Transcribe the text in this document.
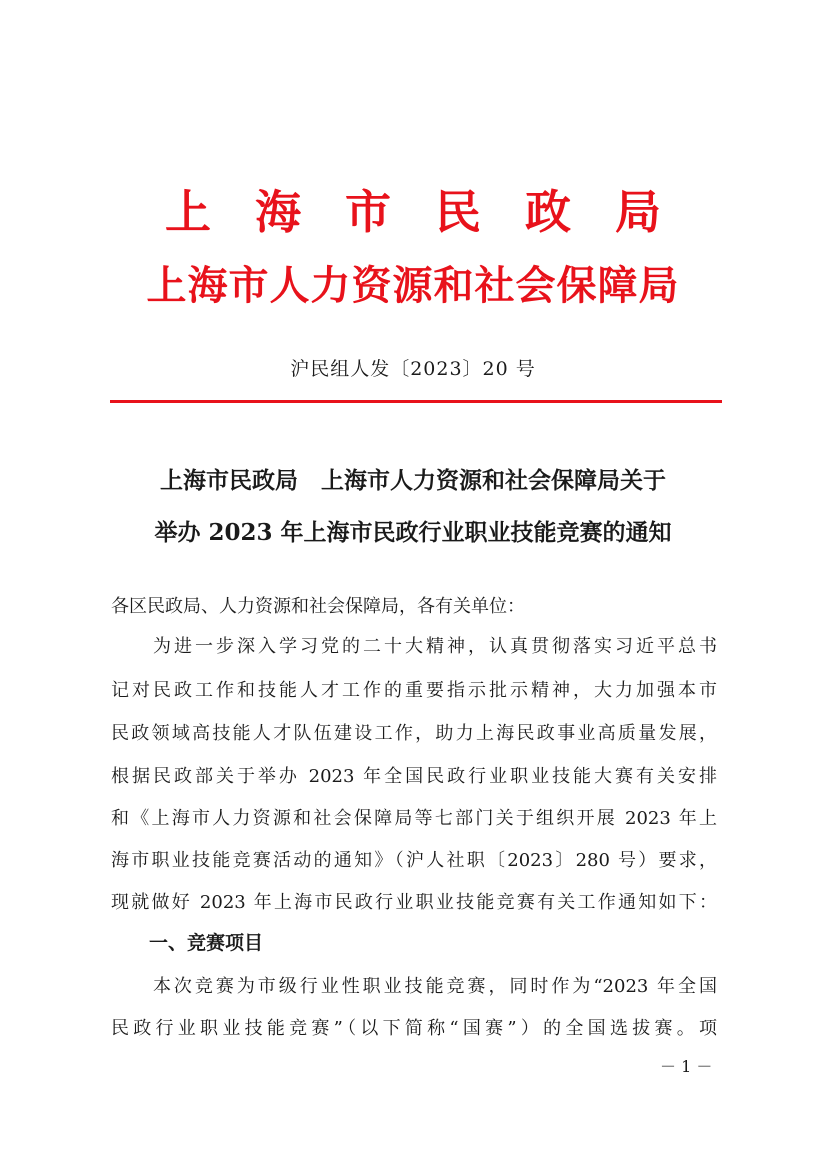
上海市民政局
上海市人力资源和社会保障局
沪民组人发〔2023〕20 号
上海市民政局　上海市人力资源和社会保障局关于
举办 2023 年上海市民政行业职业技能竞赛的通知
各区民政局、人力资源和社会保障局，各有关单位：
　　为进一步深入学习党的二十大精神，认真贯彻落实习近平总书
记对民政工作和技能人才工作的重要指示批示精神，大力加强本市
民政领域高技能人才队伍建设工作，助力上海民政事业高质量发展，
根据民政部关于举办 2023 年全国民政行业职业技能大赛有关安排
和《上海市人力资源和社会保障局等七部门关于组织开展 2023 年上
海市职业技能竞赛活动的通知》（沪人社职〔2023〕280 号）要求，
现就做好 2023 年上海市民政行业职业技能竞赛有关工作通知如下：
　　一、竞赛项目
　　本次竞赛为市级行业性职业技能竞赛，同时作为“2023 年全国
民政行业职业技能竞赛”（以下简称“国赛”）的全国选拔赛。项
－ 1 －
